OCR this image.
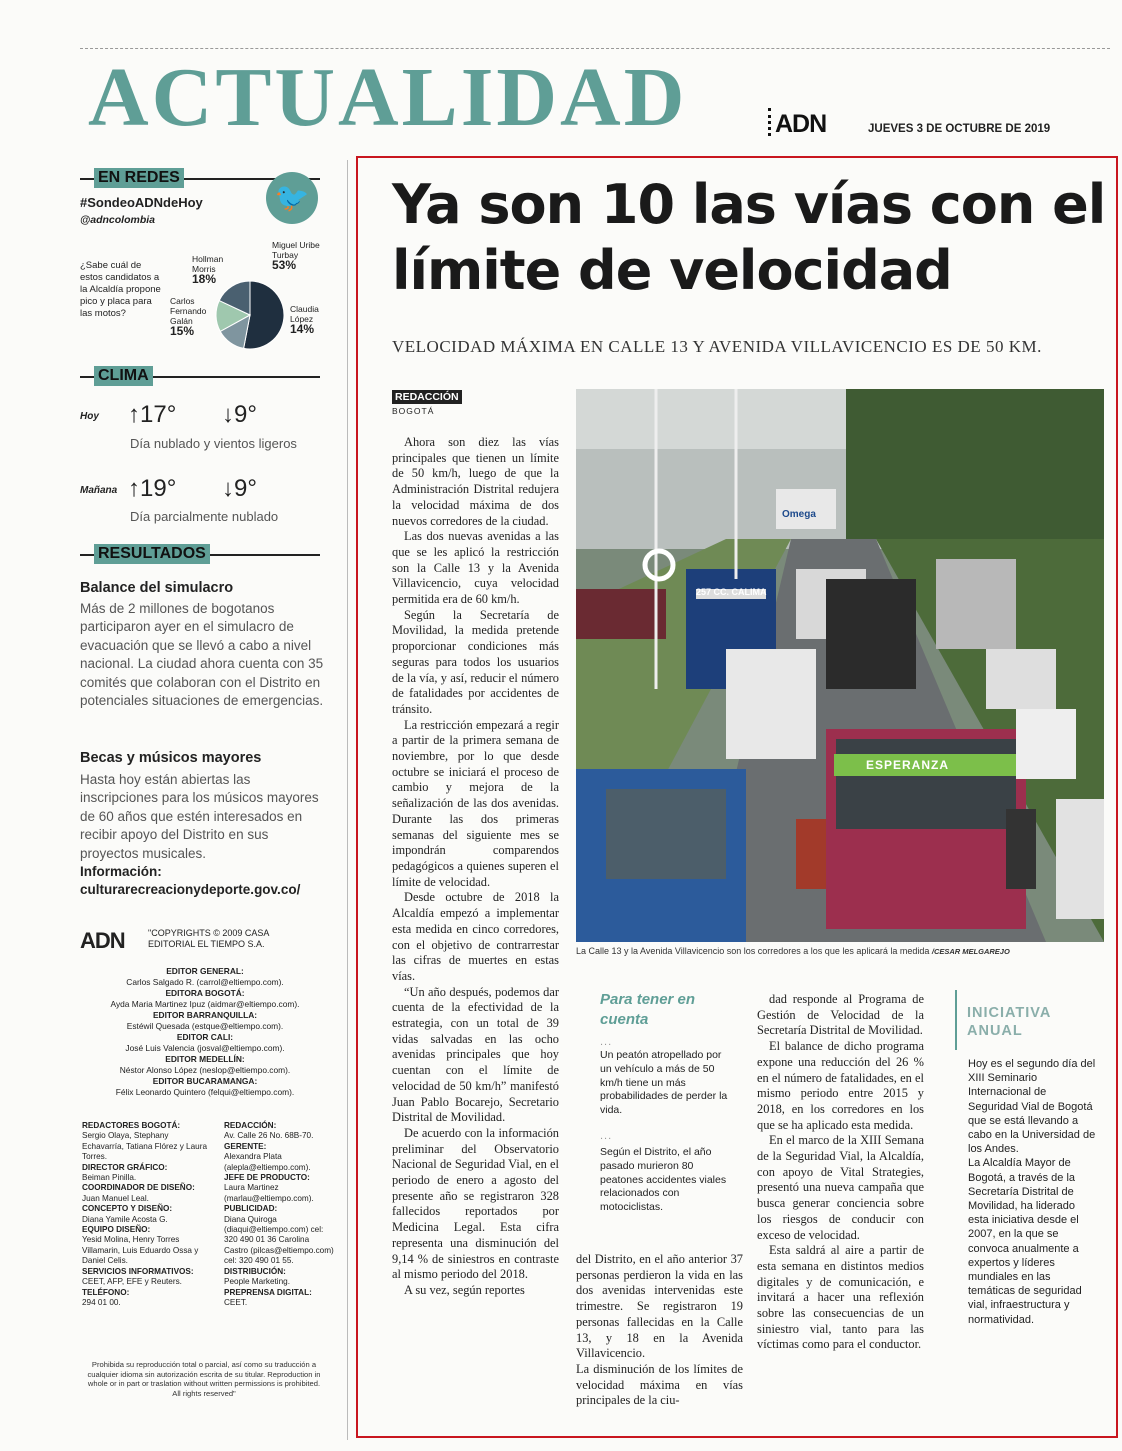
ACTUALIDAD adn	JUEVES 3 DE OCTUBRE DE 2019
EN REDES
🐦
#SondeoADNdeHoy
@adncolombia
¿Sabe cuál de estos candidatos a la Alcaldía propone pico y placa para las motos?
Hollman Morris
18%
Miguel Uribe Turbay
53%
Carlos Fernando Galán
15%
Claudia López
14%
CLIMA
Hoy ↑17° ↓9°
Día nublado y vientos ligeros
Mañana ↑19° ↓9°
Día parcialmente nublado
RESULTADOS
Balance del simulacro
Más de 2 millones de bogotanos participaron ayer en el simulacro de evacuación que se llevó a cabo a nivel nacional. La ciudad ahora cuenta con 35 comités que colaboran con el Distrito en potenciales situaciones de emergencias.
Becas y músicos mayores
Hasta hoy están abiertas las inscripciones para los músicos mayores de 60 años que estén interesados en recibir apoyo del Distrito en sus proyectos musicales.
Información:
culturarecreacionydeporte.gov.co/
ADN	"COPYRIGHTS © 2009 CASA EDITORIAL EL TIEMPO S.A.
EDITOR GENERAL:
Carlos Salgado R. (carrol@eltiempo.com).
EDITORA BOGOTÁ:
Ayda Maria Martinez Ipuz (aidmar@eltiempo.com).
EDITOR BARRANQUILLA:
Estéwil Quesada (estque@eltiempo.com).
EDITOR CALI:
José Luis Valencia (josval@eltiempo.com).
EDITOR MEDELLÍN:
Néstor Alonso López (neslop@eltiempo.com).
EDITOR BUCARAMANGA:
Félix Leonardo Quintero (felqui@eltiempo.com).
REDACTORES BOGOTÁ:
Sergio Olaya, Stephany Echavarría, Tatiana Flórez y Laura Torres.
DIRECTOR GRÁFICO:
Beiman Pinilla.
COORDINADOR DE DISEÑO:
Juan Manuel Leal.
CONCEPTO Y DISEÑO:
Diana Yamile Acosta G.
EQUIPO DISEÑO:
Yesid Molina, Henry Torres Villamarin, Luis Eduardo Ossa y Daniel Celis.
SERVICIOS INFORMATIVOS:
CEET, AFP, EFE y Reuters.
TELÉFONO:
294 01 00.
REDACCIÓN:
Av. Calle 26 No. 68B-70.
GERENTE:
Alexandra Plata (alepla@eltiempo.com).
JEFE DE PRODUCTO:
Laura Martinez (marlau@eltiempo.com).
PUBLICIDAD:
Diana Quiroga (diaqui@eltiempo.com) cel: 320 490 01 36 Carolina Castro (pilcas@eltiempo.com) cel: 320 490 01 55.
DISTRIBUCIÓN:
People Marketing.
PREPRENSA DIGITAL:
CEET.
Prohibida su reproducción total o parcial, así como su traducción a cualquier idioma sin autorización escrita de su titular. Reproduction in whole or in part or traslation without written permissions is prohibited. All rights reserved"
Ya son 10 las vías con el límite de velocidad
VELOCIDAD MÁXIMA EN CALLE 13 Y AVENIDA VILLAVICENCIO ES DE 50 KM.
REDACCIÓN
BOGOTÁ

Ahora son diez las vías principales que tienen un límite de 50 km/h, luego de que la Administración Distrital redujera la velocidad máxima de dos nuevos corredores de la ciudad.

Las dos nuevas avenidas a las que se les aplicó la restricción son la Calle 13 y la Avenida Villavicencio, cuya velocidad permitida era de 60 km/h.

Según la Secretaría de Movilidad, la medida pretende proporcionar condiciones más seguras para todos los usuarios de la vía, y así, reducir el número de fatalidades por accidentes de tránsito.

La restricción empezará a regir a partir de la primera semana de noviembre, por lo que desde octubre se iniciará el proceso de cambio y mejora de la señalización de las dos avenidas. Durante las dos primeras semanas del siguiente mes se impondrán comparendos pedagógicos a quienes superen el límite de velocidad.

Desde octubre de 2018 la Alcaldía empezó a implementar esta medida en cinco corredores, con el objetivo de contrarrestar las cifras de muertes en estas vías.

“Un año después, podemos dar cuenta de la efectividad de la estrategia, con un total de 39 vidas salvadas en las ocho avenidas principales que hoy cuentan con el límite de velocidad de 50 km/h” manifestó Juan Pablo Bocarejo, Secretario Distrital de Movilidad.

De acuerdo con la información preliminar del Observatorio Nacional de Seguridad Vial, en el periodo de enero a agosto del presente año se registraron 328 fallecidos reportados por Medicina Legal. Esta cifra representa una disminución del 9,14 % de siniestros en contraste al mismo periodo del 2018.

A su vez, según reportes

257 CC. CALIMA
Omega
ESPERANZA
La Calle 13 y la Avenida Villavicencio son los corredores a los que les aplicará la medida /CESAR MELGAREJO
Para tener en cuenta
...
Un peatón atropellado por un vehículo a más de 50 km/h tiene un más probabilidades de perder la vida.
...
Según el Distrito, el año pasado murieron 80 peatones accidentes viales relacionados con motociclistas.

del Distrito, en el año anterior 37 personas perdieron la vida en las dos avenidas intervenidas este trimestre. Se registraron 19 personas fallecidas en la Calle 13, y 18 en la Avenida Villavicencio.

La disminución de los límites de velocidad máxima en vías principales de la ciu-

dad responde al Programa de Gestión de Velocidad de la Secretaría Distrital de Movilidad.

El balance de dicho programa expone una reducción del 26 % en el número de fatalidades, en el mismo periodo entre 2015 y 2018, en los corredores en los que se ha aplicado esta medida.

En el marco de la XIII Semana de la Seguridad Vial, la Alcaldía, con apoyo de Vital Strategies, presentó una nueva campaña que busca generar conciencia sobre los riesgos de conducir con exceso de velocidad.

Esta saldrá al aire a partir de esta semana en distintos medios digitales y de comunicación, e invitará a hacer una reflexión sobre las consecuencias de un siniestro vial, tanto para las víctimas como para el conductor.

INICIATIVA ANUAL

Hoy es el segundo día del XIII Seminario Internacional de Seguridad Vial de Bogotá que se está llevando a cabo en la Universidad de los Andes.

La Alcaldía Mayor de Bogotá, a través de la Secretaría Distrital de Movilidad, ha liderado esta iniciativa desde el 2007, en la que se convoca anualmente a expertos y líderes mundiales en las temáticas de seguridad vial, infraestructura y normatividad.
